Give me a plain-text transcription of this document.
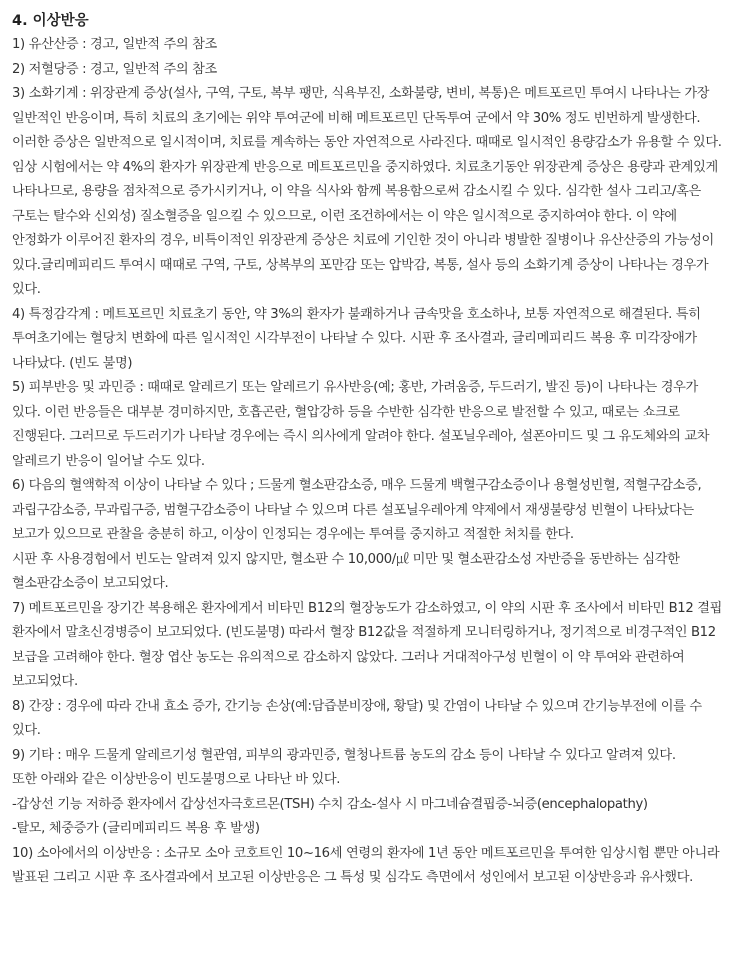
4. 이상반응

1) 유산산증 : 경고, 일반적 주의 참조

2) 저혈당증 : 경고, 일반적 주의 참조

3) 소화기계 : 위장관계 증상(설사, 구역, 구토, 복부 팽만, 식욕부진, 소화불량, 변비, 복통)은 메트포르민 투여시 나타나는 가장 일반적인 반응이며, 특히 치료의 초기에는 위약 투여군에 비해 메트포르민 단독투여 군에서 약 30% 정도 빈번하게 발생한다. 이러한 증상은 일반적으로 일시적이며, 치료를 계속하는 동안 자연적으로 사라진다. 때때로 일시적인 용량감소가 유용할 수 있다. 임상 시험에서는 약 4%의 환자가 위장관계 반응으로 메트포르민을 중지하였다. 치료초기동안 위장관계 증상은 용량과 관계있게 나타나므로, 용량을 점차적으로 증가시키거나, 이 약을 식사와 함께 복용함으로써 감소시킬 수 있다. 심각한 설사 그리고/혹은 구토는 탈수와 신외성) 질소혈증을 일으킬 수 있으므로, 이런 조건하에서는 이 약은 일시적으로 중지하여야 한다. 이 약에 안정화가 이루어진 환자의 경우, 비특이적인 위장관계 증상은 치료에 기인한 것이 아니라 병발한 질병이나 유산산증의 가능성이 있다.글리메피리드 투여시 때때로 구역, 구토, 상복부의 포만감 또는 압박감, 복통, 설사 등의 소화기계 증상이 나타나는 경우가 있다.

4) 특정감각계 : 메트포르민 치료초기 동안, 약 3%의 환자가 불쾌하거나 금속맛을 호소하나, 보통 자연적으로 해결된다. 특히 투여초기에는 혈당치 변화에 따른 일시적인 시각부전이 나타날 수 있다. 시판 후 조사결과, 글리메피리드 복용 후 미각장애가 나타났다. (빈도 불명)

5) 피부반응 및 과민증 : 때때로 알레르기 또는 알레르기 유사반응(예; 홍반, 가려움증, 두드러기, 발진 등)이 나타나는 경우가 있다. 이런 반응들은 대부분 경미하지만, 호흡곤란, 혈압강하 등을 수반한 심각한 반응으로 발전할 수 있고, 때로는 쇼크로 진행된다. 그러므로 두드러기가 나타날 경우에는 즉시 의사에게 알려야 한다. 설포닐우레아, 설폰아미드 및 그 유도체와의 교차 알레르기 반응이 일어날 수도 있다.

6) 다음의 혈액학적 이상이 나타날 수 있다 ; 드물게 혈소판감소증, 매우 드물게 백혈구감소증이나 용혈성빈혈, 적혈구감소증, 과립구감소증, 무과립구증, 범혈구감소증이 나타날 수 있으며 다른 설포닐우레아계 약제에서 재생불량성 빈혈이 나타났다는 보고가 있으므로 관찰을 충분히 하고, 이상이 인정되는 경우에는 투여를 중지하고 적절한 처치를 한다.

시판 후 사용경험에서 빈도는 알려져 있지 않지만, 혈소판 수 10,000/㎕ 미만 및 혈소판감소성 자반증을 동반하는 심각한 혈소판감소증이 보고되었다.

7) 메트포르민을 장기간 복용해온 환자에게서 비타민 B12의 혈장농도가 감소하였고, 이 약의 시판 후 조사에서 비타민 B12 결핍 환자에서 말초신경병증이 보고되었다. (빈도불명) 따라서 혈장 B12값을 적절하게 모니터링하거나, 정기적으로 비경구적인 B12 보급을 고려해야 한다. 혈장 엽산 농도는 유의적으로 감소하지 않았다. 그러나 거대적아구성 빈혈이 이 약 투여와 관련하여 보고되었다.

8) 간장 : 경우에 따라 간내 효소 증가, 간기능 손상(예:담즙분비장애, 황달) 및 간염이 나타날 수 있으며 간기능부전에 이를 수 있다.

9) 기타 : 매우 드물게 알레르기성 혈관염, 피부의 광과민증, 혈청나트륨 농도의 감소 등이 나타날 수 있다고 알려져 있다.

또한 아래와 같은 이상반응이 빈도불명으로 나타난 바 있다.

-갑상선 기능 저하증 환자에서 갑상선자극호르몬(TSH) 수치 감소-설사 시 마그네슘결핍증-뇌증(encephalopathy)

-탈모, 체중증가 (글리메피리드 복용 후 발생)

10) 소아에서의 이상반응 : 소규모 소아 코호트인 10~16세 연령의 환자에 1년 동안 메트포르민을 투여한 임상시험 뿐만 아니라 발표된 그리고 시판 후 조사결과에서 보고된 이상반응은 그 특성 및 심각도 측면에서 성인에서 보고된 이상반응과 유사했다.
